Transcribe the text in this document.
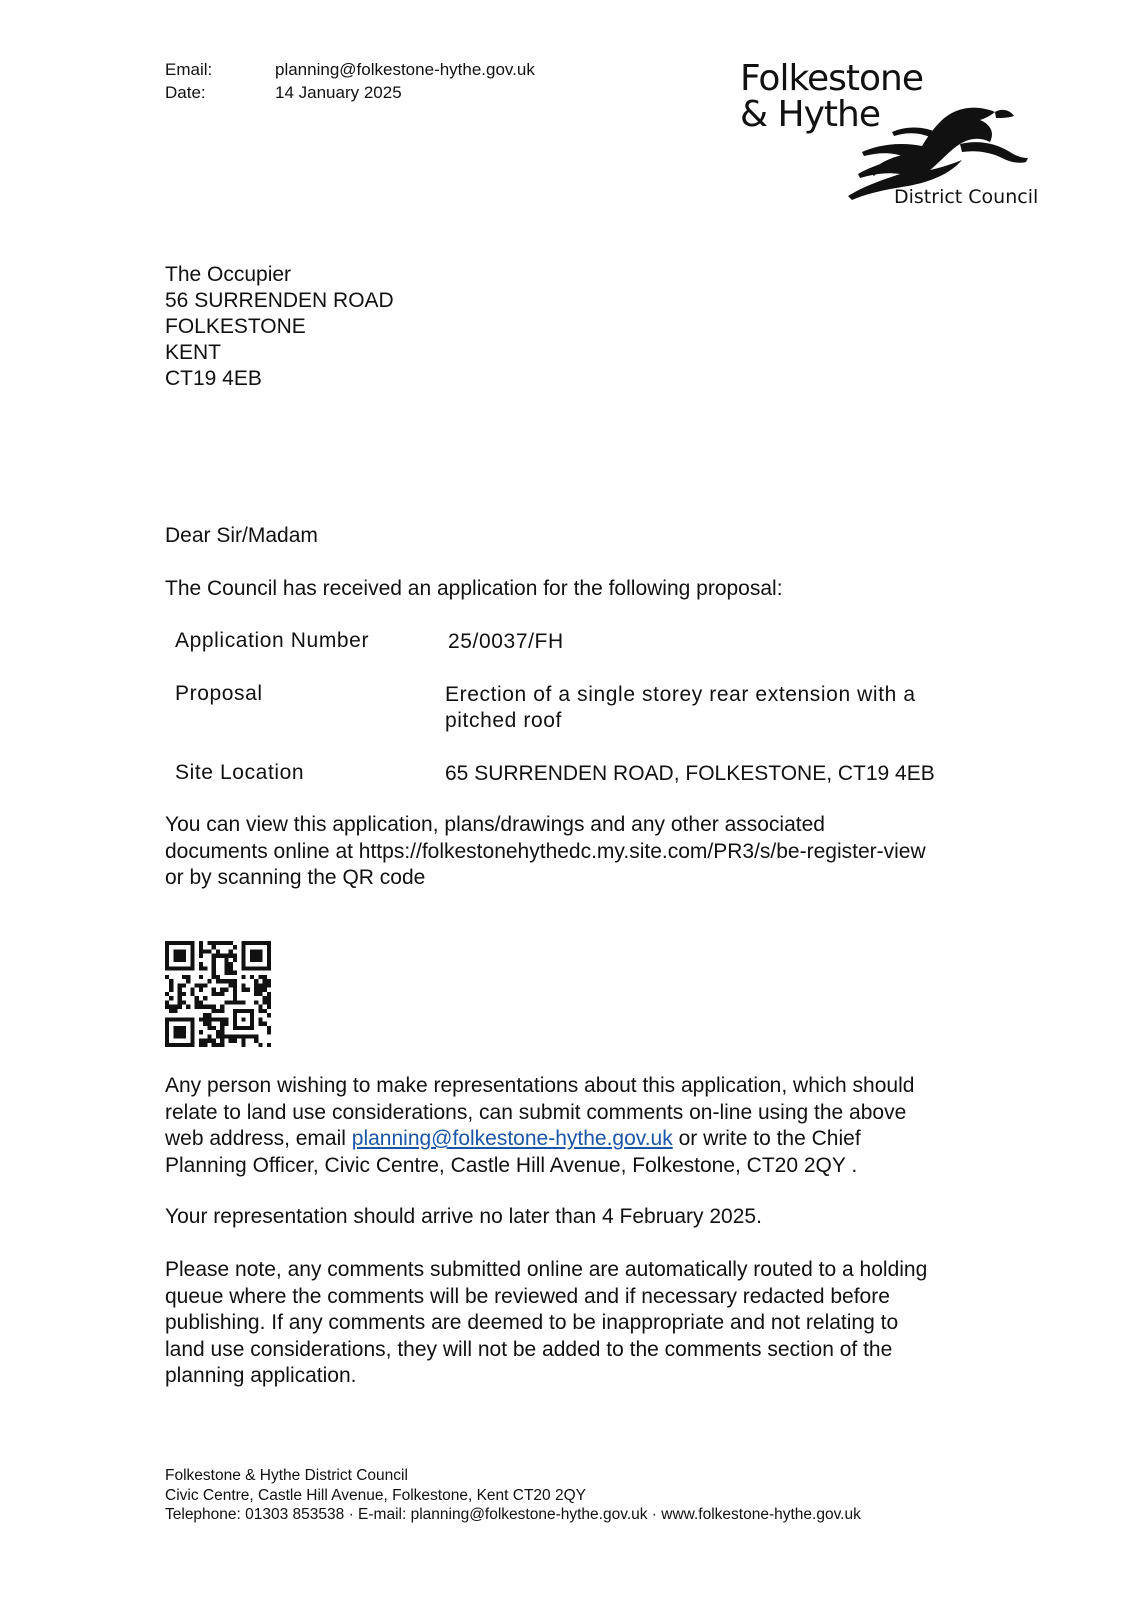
Email:	planning@folkestone-hythe.gov.uk
Date:	14 January 2025	Folkestone
& Hythe
District Council
The Occupier
56 SURRENDEN ROAD
FOLKESTONE
KENT
CT19 4EB
Dear Sir/Madam
The Council has received an application for the following proposal:
Application Number	25/0037/FH
Proposal	Erection of a single storey rear extension with a
pitched roof
Site Location	65 SURRENDEN ROAD, FOLKESTONE, CT19 4EB
You can view this application, plans/drawings and any other associated
documents online at https://folkestonehythedc.my.site.com/PR3/s/be-register-view
or by scanning the QR code
Any person wishing to make representations about this application, which should
relate to land use considerations, can submit comments on-line using the above
web address, email planning@folkestone-hythe.gov.uk or write to the Chief
Planning Officer, Civic Centre, Castle Hill Avenue, Folkestone, CT20 2QY .
Your representation should arrive no later than 4 February 2025.
Please note, any comments submitted online are automatically routed to a holding
queue where the comments will be reviewed and if necessary redacted before
publishing. If any comments are deemed to be inappropriate and not relating to
land use considerations, they will not be added to the comments section of the
planning application.
Folkestone & Hythe District Council
Civic Centre, Castle Hill Avenue, Folkestone, Kent CT20 2QY
Telephone: 01303 853538 · E-mail: planning@folkestone-hythe.gov.uk · www.folkestone-hythe.gov.uk
